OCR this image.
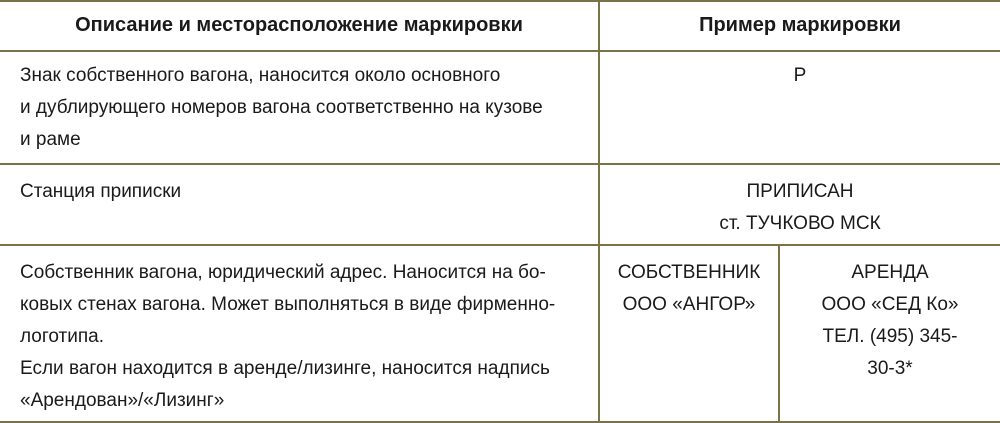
Описание и месторасположение маркировки	Пример маркировки
Знак собственного вагона, наносится около основного
и дублирующего номеров вагона соответственно на кузове
и раме
Р
Станция приписки	ПРИПИСАН
ст. ТУЧКОВО МСК
Собственник вагона, юридический адрес. Наносится на бо-
ковых стенах вагона. Может выполняться в виде фирменно-
логотипа.
Если вагон находится в аренде/лизинге, наносится надпись
«Арендован»/«Лизинг»
СОБСТВЕННИК
ООО «АНГОР»
АРЕНДА
ООО «СЕД Ко»
ТЕЛ. (495) 345-
30-3*
